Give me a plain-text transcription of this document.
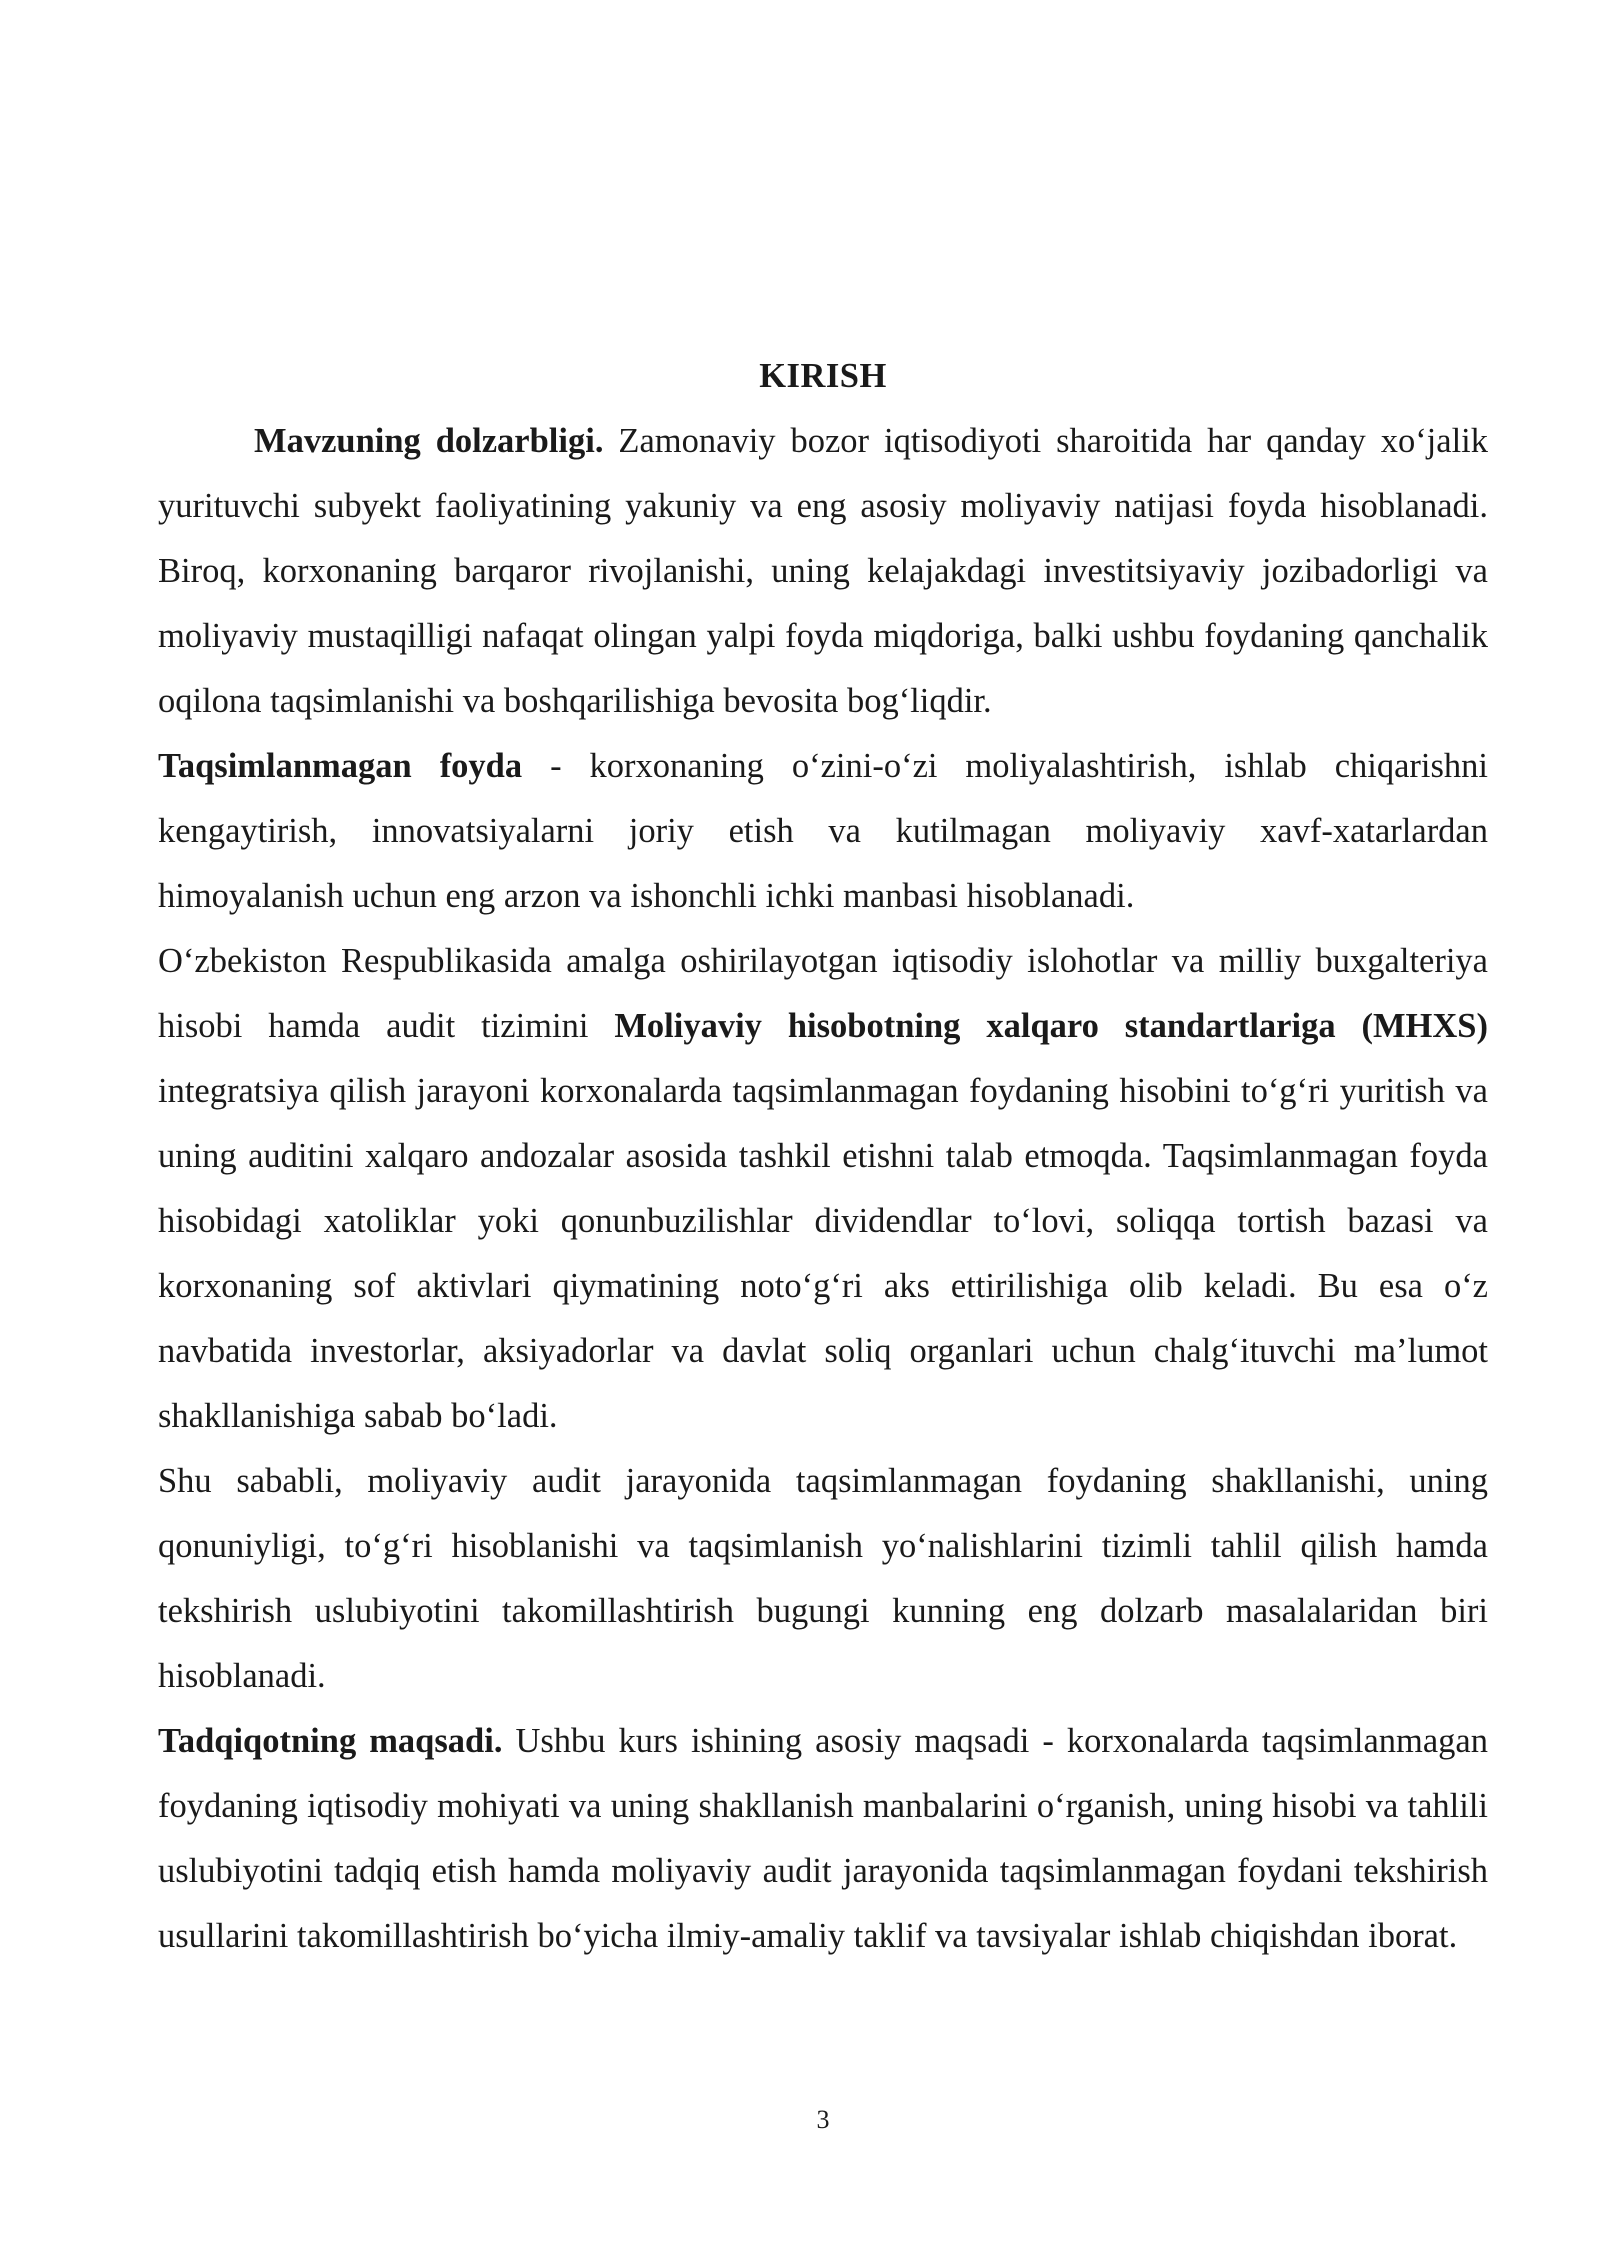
KIRISH

Mavzuning dolzarbligi. Zamonaviy bozor iqtisodiyoti sharoitida har qanday xo‘jalik yurituvchi subyekt faoliyatining yakuniy va eng asosiy moliyaviy natijasi foyda hisoblanadi. Biroq, korxonaning barqaror rivojlanishi, uning kelajakdagi investitsiyaviy jozibadorligi va moliyaviy mustaqilligi nafaqat olingan yalpi foyda miqdoriga, balki ushbu foydaning qanchalik oqilona taqsimlanishi va boshqarilishiga bevosita bog‘liqdir.

Taqsimlanmagan foyda - korxonaning o‘zini-o‘zi moliyalashtirish, ishlab chiqarishni kengaytirish, innovatsiyalarni joriy etish va kutilmagan moliyaviy xavf-xatarlardan himoyalanish uchun eng arzon va ishonchli ichki manbasi hisoblanadi.

O‘zbekiston Respublikasida amalga oshirilayotgan iqtisodiy islohotlar va milliy buxgalteriya hisobi hamda audit tizimini Moliyaviy hisobotning xalqaro standartlariga (MHXS) integratsiya qilish jarayoni korxonalarda taqsimlanmagan foydaning hisobini to‘g‘ri yuritish va uning auditini xalqaro andozalar asosida tashkil etishni talab etmoqda. Taqsimlanmagan foyda hisobidagi xatoliklar yoki qonunbuzilishlar dividendlar to‘lovi, soliqqa tortish bazasi va korxonaning sof aktivlari qiymatining noto‘g‘ri aks ettirilishiga olib keladi. Bu esa o‘z navbatida investorlar, aksiyadorlar va davlat soliq organlari uchun chalg‘ituvchi ma’lumot shakllanishiga sabab bo‘ladi.

Shu sababli, moliyaviy audit jarayonida taqsimlanmagan foydaning shakllanishi, uning qonuniyligi, to‘g‘ri hisoblanishi va taqsimlanish yo‘nalishlarini tizimli tahlil qilish hamda tekshirish uslubiyotini takomillashtirish bugungi kunning eng dolzarb masalalaridan biri hisoblanadi.

Tadqiqotning maqsadi. Ushbu kurs ishining asosiy maqsadi - korxonalarda taqsimlanmagan foydaning iqtisodiy mohiyati va uning shakllanish manbalarini o‘rganish, uning hisobi va tahlili uslubiyotini tadqiq etish hamda moliyaviy audit jarayonida taqsimlanmagan foydani tekshirish usullarini takomillashtirish bo‘yicha ilmiy-amaliy taklif va tavsiyalar ishlab chiqishdan iborat.

3
